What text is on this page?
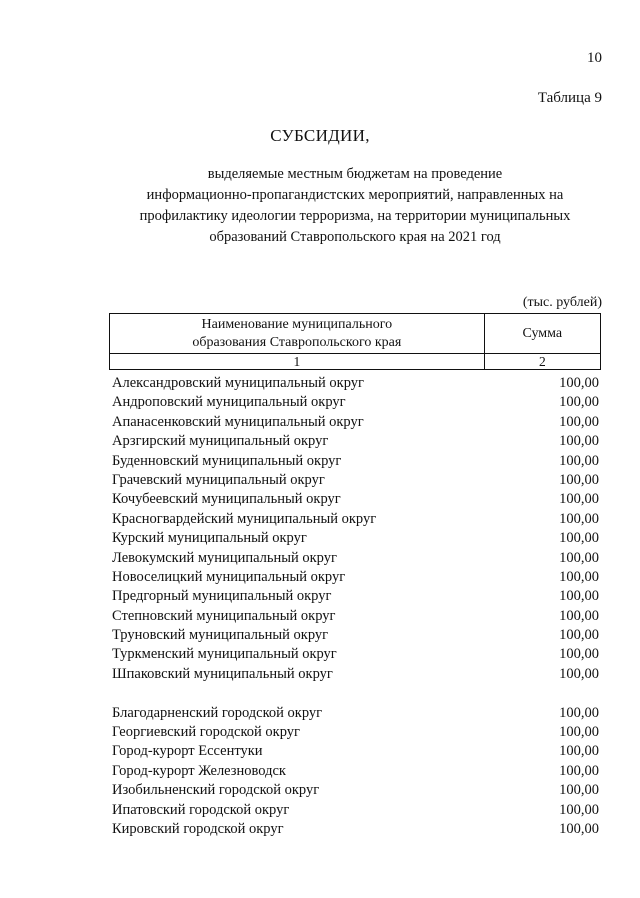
10
Таблица 9
СУБСИДИИ,
выделяемые местным бюджетам на проведение
информационно-пропагандистских мероприятий, направленных на
профилактику идеологии терроризма, на территории муниципальных
образований Ставропольского края на 2021 год
(тыс. рублей)
Наименование муниципального
образования Ставропольского края	Сумма
1	2
Александровский муниципальный округ	100,00
Андроповский муниципальный округ	100,00
Апанасенковский муниципальный округ	100,00
Арзгирский муниципальный округ	100,00
Буденновский муниципальный округ	100,00
Грачевский муниципальный округ	100,00
Кочубеевский муниципальный округ	100,00
Красногвардейский муниципальный округ	100,00
Курский муниципальный округ	100,00
Левокумский муниципальный округ	100,00
Новоселицкий муниципальный округ	100,00
Предгорный муниципальный округ	100,00
Степновский муниципальный округ	100,00
Труновский муниципальный округ	100,00
Туркменский муниципальный округ	100,00
Шпаковский муниципальный округ	100,00
Благодарненский городской округ	100,00
Георгиевский городской округ	100,00
Город-курорт Ессентуки	100,00
Город-курорт Железноводск	100,00
Изобильненский городской округ	100,00
Ипатовский городской округ	100,00
Кировский городской округ	100,00
